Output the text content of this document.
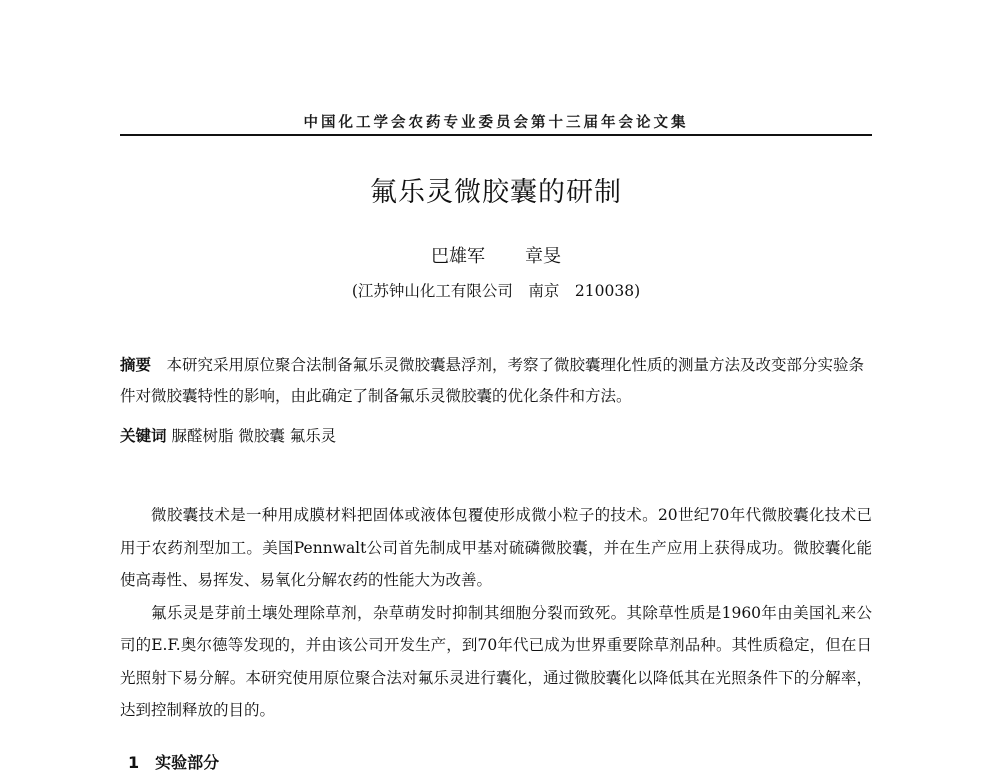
中国化工学会农药专业委员会第十三届年会论文集
氟乐灵微胶囊的研制
巴雄军 章旻
(江苏钟山化工有限公司　南京　210038)
摘要　 本研究采用原位聚合法制备氟乐灵微胶囊悬浮剂，考察了微胶囊理化性质的测量方法及改变部分实验条件对微胶囊特性的影响，由此确定了制备氟乐灵微胶囊的优化条件和方法。
关键词 脲醛树脂 微胶囊 氟乐灵

微胶囊技术是一种用成膜材料把固体或液体包覆使形成微小粒子的技术。20世纪70年代微胶囊化技术已用于农药剂型加工。美国Pennwalt公司首先制成甲基对硫磷微胶囊，并在生产应用上获得成功。微胶囊化能使高毒性、易挥发、易氧化分解农药的性能大为改善。

氟乐灵是芽前土壤处理除草剂，杂草萌发时抑制其细胞分裂而致死。其除草性质是1960年由美国礼来公司的E.F.奥尔德等发现的，并由该公司开发生产，到70年代已成为世界重要除草剂品种。其性质稳定，但在日光照射下易分解。本研究使用原位聚合法对氟乐灵进行囊化，通过微胶囊化以降低其在光照条件下的分解率，达到控制释放的目的。

1　实验部分
